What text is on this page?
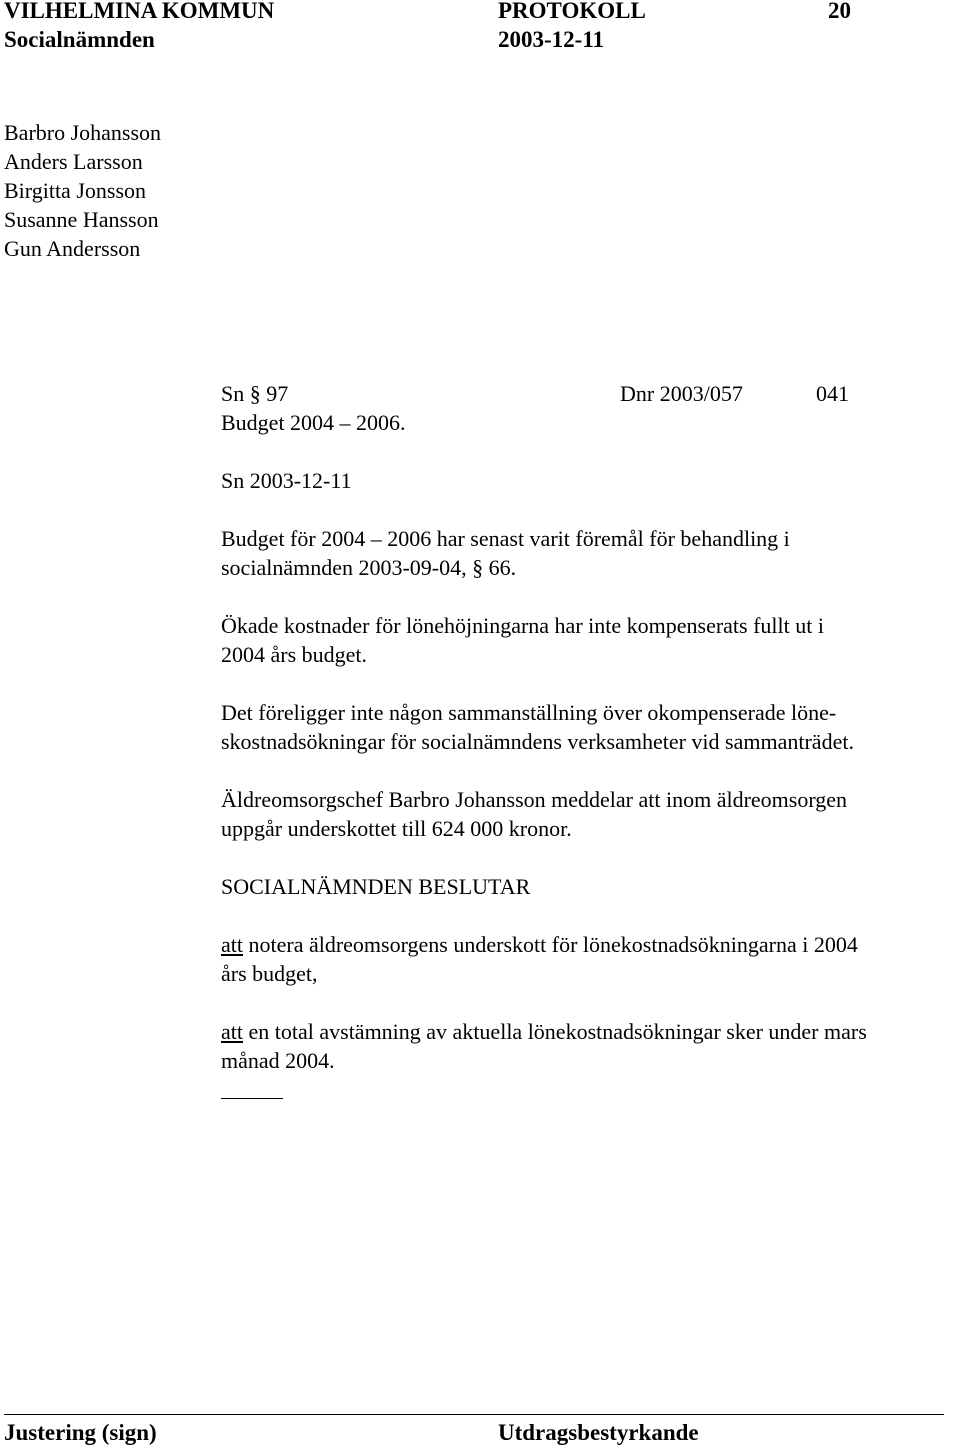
VILHELMINA KOMMUN	PROTOKOLL	20
Socialnämnden	2003-12-11
Barbro Johansson
Anders Larsson
Birgitta Jonsson
Susanne Hansson
Gun Andersson
Sn § 97	Dnr 2003/057	041
Budget 2004 – 2006.
Sn 2003-12-11
Budget för 2004 – 2006 har senast varit föremål för behandling i
socialnämnden 2003-09-04, § 66.
Ökade kostnader för lönehöjningarna har inte kompenserats fullt ut i
2004 års budget.
Det föreligger inte någon sammanställning över okompenserade löne-
skostnadsökningar för socialnämndens verksamheter vid sammanträdet.
Äldreomsorgschef Barbro Johansson meddelar att inom äldreomsorgen
uppgår underskottet till 624 000 kronor.
SOCIALNÄMNDEN BESLUTAR
att notera äldreomsorgens underskott för lönekostnadsökningarna i 2004
års budget,
att en total avstämning av aktuella lönekostnadsökningar sker under mars
månad 2004.
Justering (sign)	Utdragsbestyrkande
